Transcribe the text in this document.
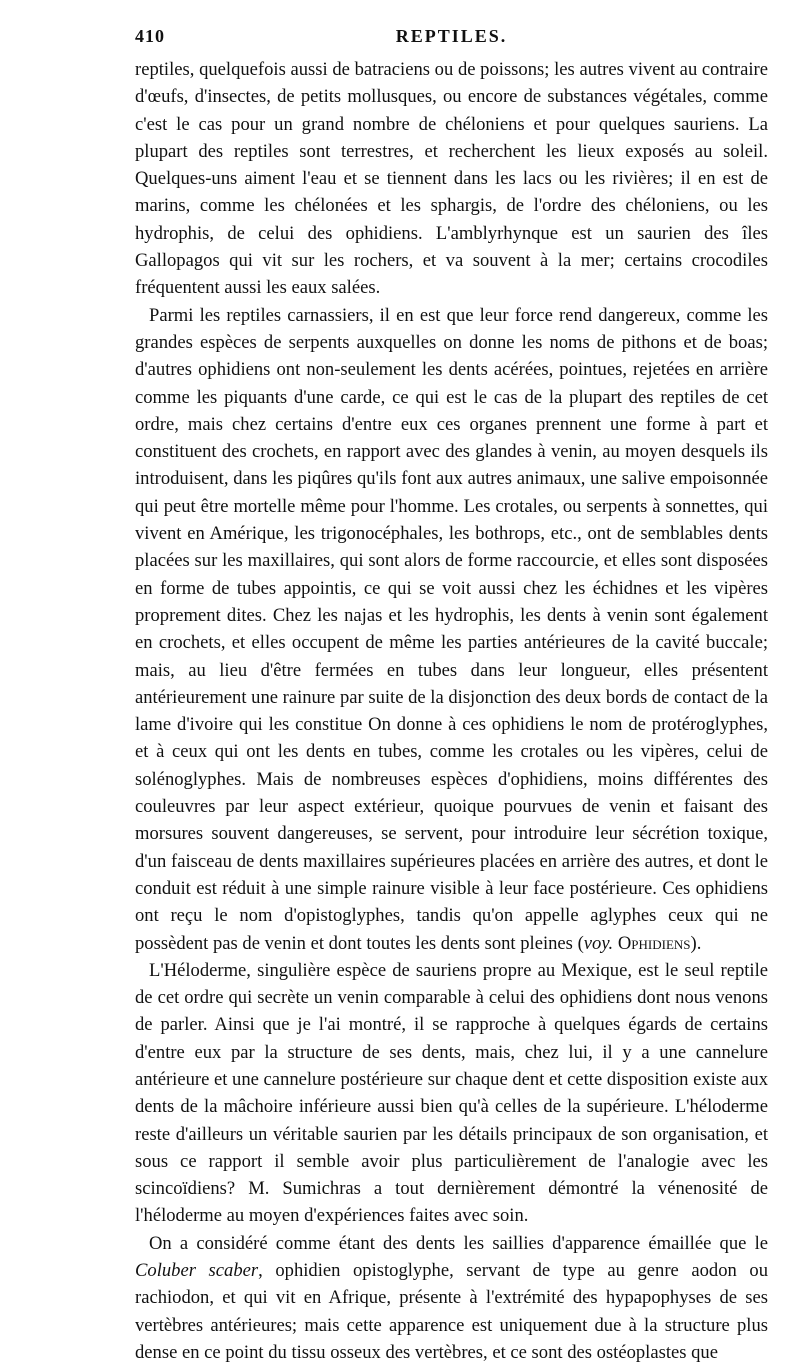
410	REPTILES.

reptiles, quelquefois aussi de batraciens ou de poissons; les autres vivent au contraire d'œufs, d'insectes, de petits mollusques, ou encore de substances végétales, comme c'est le cas pour un grand nombre de chéloniens et pour quelques sauriens. La plupart des reptiles sont terrestres, et recherchent les lieux exposés au soleil. Quelques-uns aiment l'eau et se tiennent dans les lacs ou les rivières; il en est de marins, comme les chélonées et les sphargis, de l'ordre des chéloniens, ou les hydrophis, de celui des ophidiens. L'amblyrhynque est un saurien des îles Gallopagos qui vit sur les rochers, et va souvent à la mer; certains crocodiles fréquentent aussi les eaux salées.

Parmi les reptiles carnassiers, il en est que leur force rend dangereux, comme les grandes espèces de serpents auxquelles on donne les noms de pithons et de boas; d'autres ophidiens ont non-seulement les dents acérées, pointues, rejetées en arrière comme les piquants d'une carde, ce qui est le cas de la plupart des reptiles de cet ordre, mais chez certains d'entre eux ces organes prennent une forme à part et constituent des crochets, en rapport avec des glandes à venin, au moyen desquels ils introduisent, dans les piqûres qu'ils font aux autres animaux, une salive empoisonnée qui peut être mortelle même pour l'homme. Les crotales, ou serpents à sonnettes, qui vivent en Amérique, les trigonocéphales, les bothrops, etc., ont de semblables dents placées sur les maxillaires, qui sont alors de forme raccourcie, et elles sont disposées en forme de tubes appointis, ce qui se voit aussi chez les échidnes et les vipères proprement dites. Chez les najas et les hydrophis, les dents à venin sont également en crochets, et elles occupent de même les parties antérieures de la cavité buccale; mais, au lieu d'être fermées en tubes dans leur longueur, elles présentent antérieurement une rainure par suite de la disjonction des deux bords de contact de la lame d'ivoire qui les constitue On donne à ces ophidiens le nom de protéroglyphes, et à ceux qui ont les dents en tubes, comme les crotales ou les vipères, celui de solénoglyphes. Mais de nombreuses espèces d'ophidiens, moins différentes des couleuvres par leur aspect extérieur, quoique pourvues de venin et faisant des morsures souvent dangereuses, se servent, pour introduire leur sécrétion toxique, d'un faisceau de dents maxillaires supérieures placées en arrière des autres, et dont le conduit est réduit à une simple rainure visible à leur face postérieure. Ces ophidiens ont reçu le nom d'opistoglyphes, tandis qu'on appelle aglyphes ceux qui ne possèdent pas de venin et dont toutes les dents sont pleines (voy. Ophidiens).

L'Héloderme, singulière espèce de sauriens propre au Mexique, est le seul reptile de cet ordre qui secrète un venin comparable à celui des ophidiens dont nous venons de parler. Ainsi que je l'ai montré, il se rapproche à quelques égards de certains d'entre eux par la structure de ses dents, mais, chez lui, il y a une cannelure antérieure et une cannelure postérieure sur chaque dent et cette disposition existe aux dents de la mâchoire inférieure aussi bien qu'à celles de la supérieure. L'héloderme reste d'ailleurs un véritable saurien par les détails principaux de son organisation, et sous ce rapport il semble avoir plus particulièrement de l'analogie avec les scincoïdiens? M. Sumichras a tout dernièrement démontré la vénenosité de l'héloderme au moyen d'expériences faites avec soin.

On a considéré comme étant des dents les saillies d'apparence émaillée que le Coluber scaber, ophidien opistoglyphe, servant de type au genre aodon ou rachiodon, et qui vit en Afrique, présente à l'extrémité des hypapophyses de ses vertèbres antérieures; mais cette apparence est uniquement due à la structure plus dense en ce point du tissu osseux des vertèbres, et ce sont des ostéoplastes que
